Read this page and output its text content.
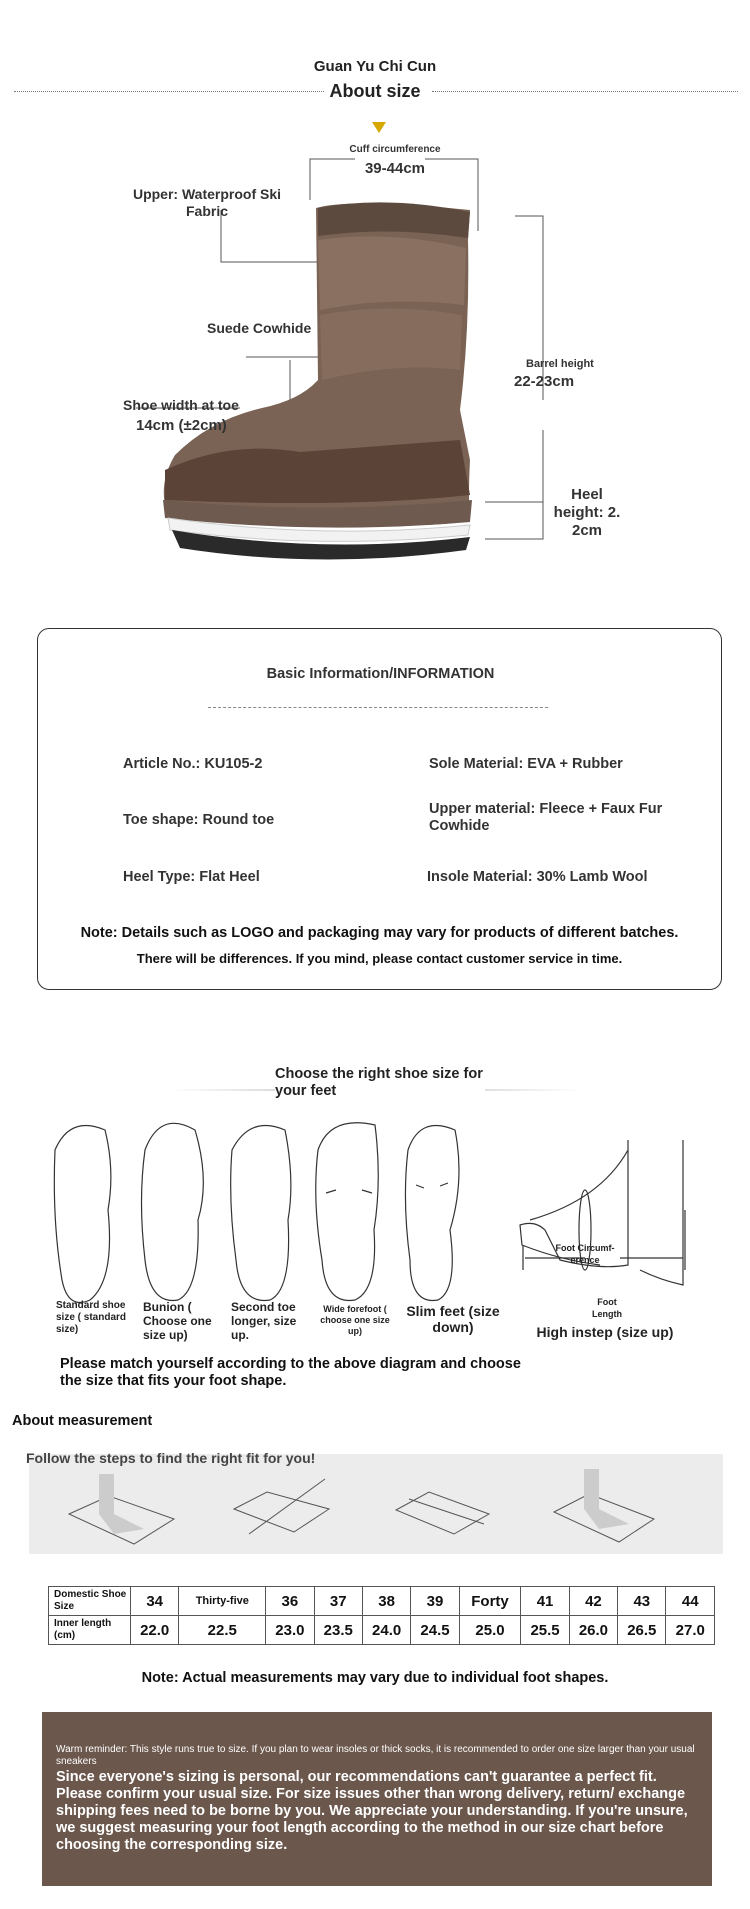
Guan Yu Chi Cun
About size
Cuff circumference
39-44cm
Upper: Waterproof Ski Fabric
Suede Cowhide
Shoe width at toe
14cm (±2cm)
Barrel height
22-23cm
Heel height: 2. 2cm
Basic Information/INFORMATION
Article No.: KU105-2	Sole Material: EVA + Rubber
Toe shape: Round toe
Upper material: Fleece + Faux Fur Cowhide
Heel Type: Flat Heel	Insole Material: 30% Lamb Wool
Note: Details such as LOGO and packaging may vary for products of different batches.
There will be differences. If you mind, please contact customer service in time.
Choose the right shoe size for your feet
Standard shoe size ( standard size)
Bunion ( Choose one size up)
Second toe longer, size up.
Wide forefoot ( choose one size up)
Slim feet (size down)
Foot Circumf- erence
Foot Length
High instep (size up)
Please match yourself according to the above diagram and choose the size that fits your foot shape.
About measurement
Follow the steps to find the right fit for you!
Domestic Shoe Size	34	Thirty-five	36	37	38	39	Forty	41	42	43	44
Inner length (cm)	22.0	22.5	23.0	23.5	24.0	24.5	25.0	25.5	26.0	26.5	27.0
Note: Actual measurements may vary due to individual foot shapes.
Warm reminder: This style runs true to size. If you plan to wear insoles or thick socks, it is recommended to order one size larger than your usual sneakers
Since everyone's sizing is personal, our recommendations can't guarantee a perfect fit. Please confirm your usual size. For size issues other than wrong delivery, return/ exchange shipping fees need to be borne by you. We appreciate your understanding. If you're unsure, we suggest measuring your foot length according to the method in our size chart before choosing the corresponding size.
